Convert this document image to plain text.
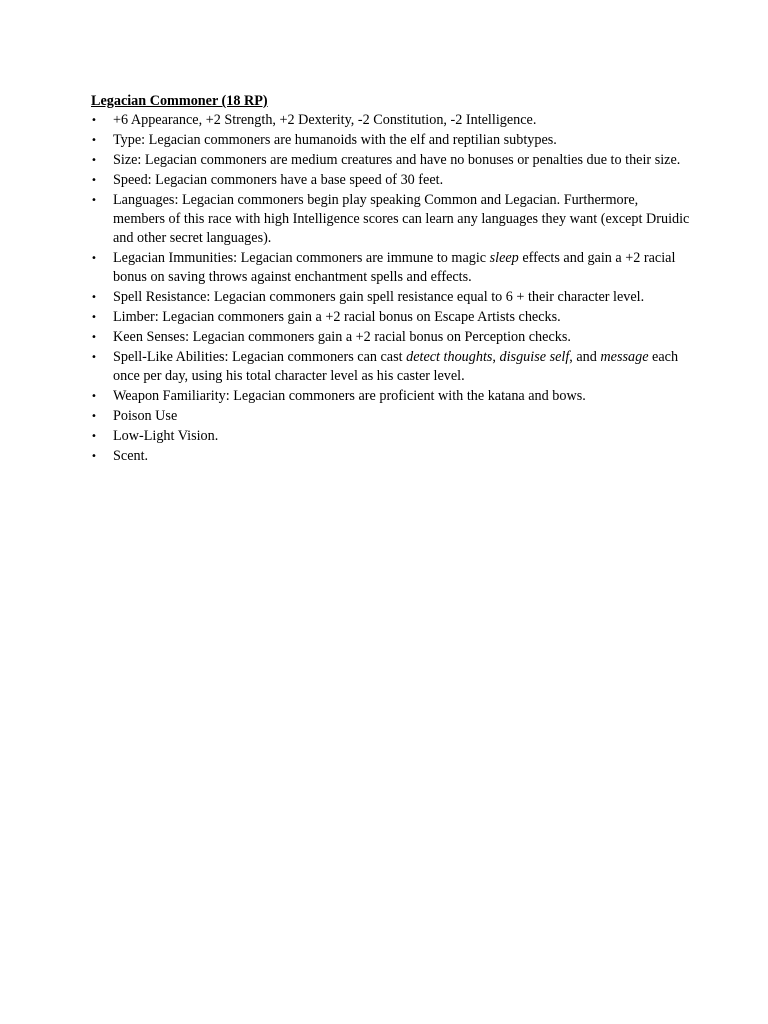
Legacian Commoner (18 RP)
•	+6 Appearance, +2 Strength, +2 Dexterity, -2 Constitution, -2 Intelligence.
•	Type: Legacian commoners are humanoids with the elf and reptilian subtypes.
•	Size: Legacian commoners are medium creatures and have no bonuses or penalties due to their size.
•	Speed: Legacian commoners have a base speed of 30 feet.
•	Languages: Legacian commoners begin play speaking Common and Legacian. Furthermore, members of this race with high Intelligence scores can learn any languages they want (except Druidic and other secret languages).
•	Legacian Immunities: Legacian commoners are immune to magic sleep effects and gain a +2 racial bonus on saving throws against enchantment spells and effects.
•	Spell Resistance: Legacian commoners gain spell resistance equal to 6 + their character level.
•	Limber: Legacian commoners gain a +2 racial bonus on Escape Artists checks.
•	Keen Senses: Legacian commoners gain a +2 racial bonus on Perception checks.
•	Spell-Like Abilities: Legacian commoners can cast detect thoughts, disguise self, and message each once per day, using his total character level as his caster level.
•	Weapon Familiarity: Legacian commoners are proficient with the katana and bows.
•	Poison Use
•	Low-Light Vision.
•	Scent.
